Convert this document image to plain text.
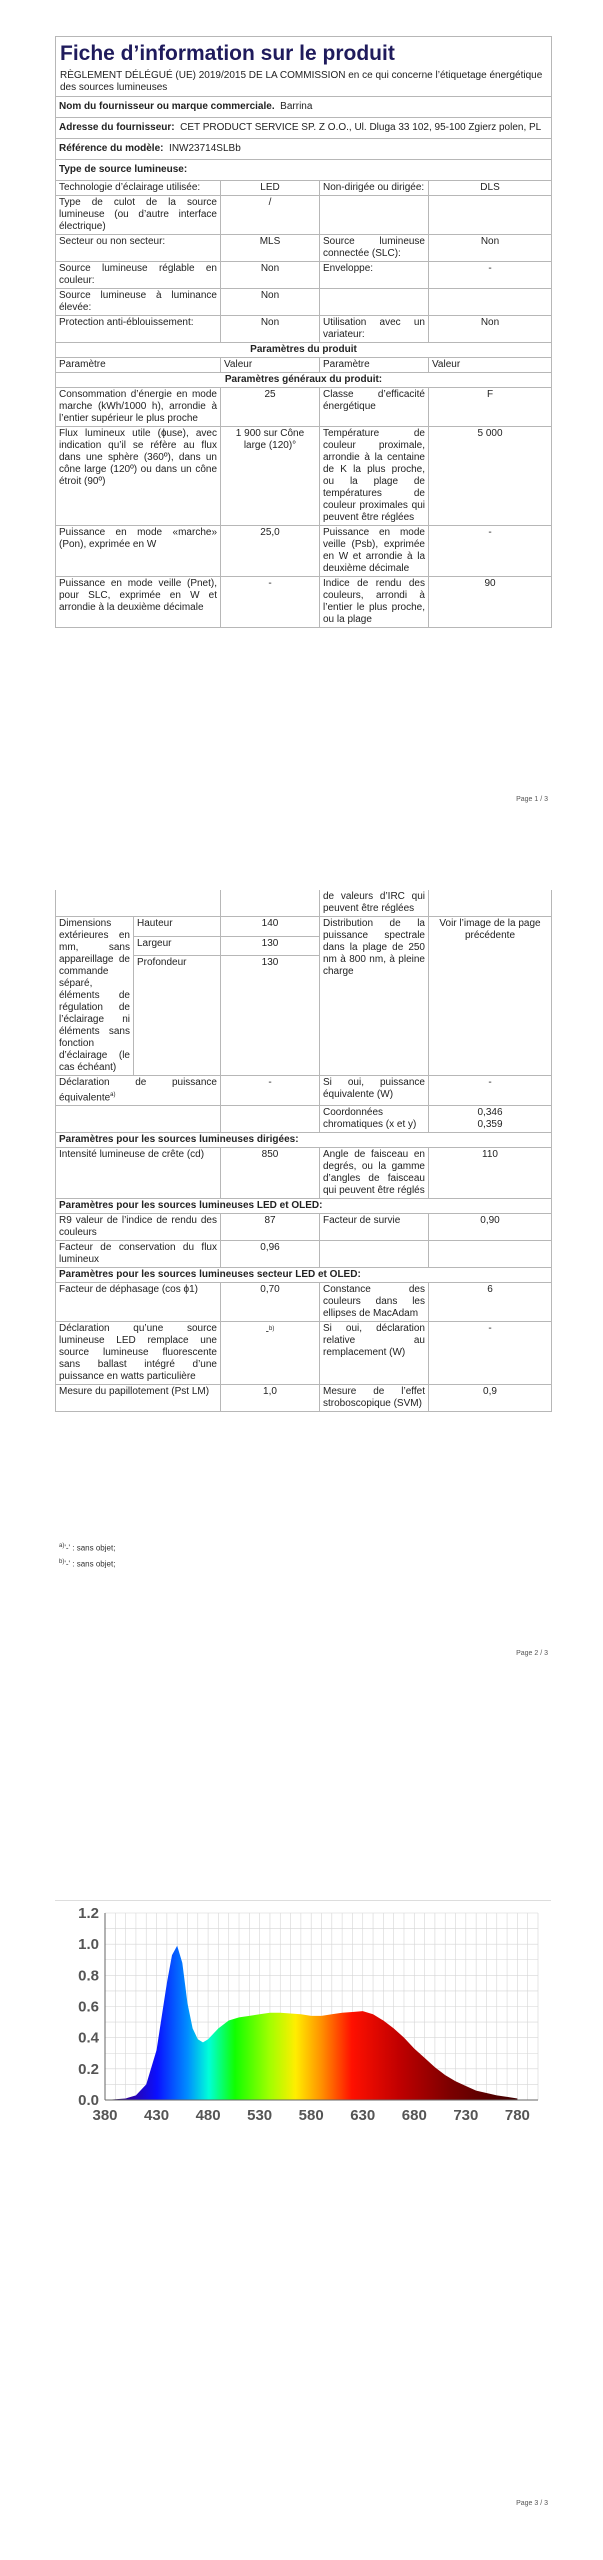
Fiche d’information sur le produit
RÈGLEMENT DÉLÉGUÉ (UE) 2019/2015 DE LA COMMISSION en ce qui concerne l’étiquetage énergétique des sources lumineuses			

Nom du fournisseur ou marque commerciale. Barrina			
Adresse du fournisseur: CET PRODUCT SERVICE SP. Z O.O., Ul. Dluga 33 102, 95-100 Zgierz polen, PL			
Référence du modèle: INW23714SLBb			
Type de source lumineuse:			
Technologie d’éclairage utilisée:	LED	Non-dirigée ou dirigée:	DLS
Type de culot de la source lumineuse (ou d’autre interface électrique)	/		
Secteur ou non secteur:	MLS	Source lumineuse connectée (SLC):	Non
Source lumineuse réglable en couleur:	Non	Enveloppe:	-
Source lumineuse à luminance élevée:	Non		
Protection anti-éblouissement:	Non	Utilisation avec un variateur:	Non
Paramètres du produit			
Paramètre	Valeur	Paramètre	Valeur
Paramètres généraux du produit:			
Consommation d’énergie en mode marche (kWh/1000 h), arrondie à l’entier supérieur le plus proche	25	Classe d’efficacité énergétique	F
Flux lumineux utile (ɸuse), avec indication qu’il se réfère au flux dans une sphère (360º), dans un cône large (120º) ou dans un cône étroit (90º)	1 900 sur Cône large (120)°	Température de couleur proximale, arrondie à la centaine de K la plus proche, ou la plage de températures de couleur proximales qui peuvent être réglées	5 000
Puissance en mode «marche» (Pon), exprimée en W	25,0	Puissance en mode veille (Psb), exprimée en W et arrondie à la deuxième décimale	-
Puissance en mode veille (Pnet), pour SLC, exprimée en W et arrondie à la deuxième décimale	-	Indice de rendu des couleurs, arrondi à l’entier le plus proche, ou la plage	90
Page 1 / 3
			de valeurs d’IRC qui peuvent être réglées	
Dimensions extérieures en mm, sans appareillage de commande séparé, éléments de régulation de l’éclairage ni éléments sans fonction d’éclairage (le cas échéant)	Hauteur	140	Distribution de la puissance spectrale dans la plage de 250 nm à 800 nm, à pleine charge	Voir l’image de la page précédente
	Largeur	130		
	Profondeur	130		
Déclaration de puissance équivalente$^{a)}$		-	Si oui, puissance équivalente (W)	-
			Coordonnées chromatiques (x et y)	0,346
0,359

Paramètres pour les sources lumineuses dirigées:				
Intensité lumineuse de crête (cd)		850	Angle de faisceau en degrés, ou la gamme d’angles de faisceau qui peuvent être réglés	110
Paramètres pour les sources lumineuses LED et OLED:				
R9 valeur de l’indice de rendu des couleurs		87	Facteur de survie	0,90
Facteur de conservation du flux lumineux		0,96		
Paramètres pour les sources lumineuses secteur LED et OLED:				
Facteur de déphasage (cos ϕ1)		0,70	Constance des couleurs dans les ellipses de MacAdam	6
Déclaration qu’une source lumineuse LED remplace une source lumineuse fluorescente sans ballast intégré d’une puissance en watts particulière		-$^{b)}$	Si oui, déclaration relative au remplacement (W)	-
Mesure du papillotement (Pst LM)		1,0	Mesure de l’effet stroboscopique (SVM)	0,9
$^{a)}$'-' : sans objet;
$^{b)}$'-' : sans objet;
Page 2 / 3
380 430 480 530 580 630 680 730 780
0.0
0.2
0.4
0.6
0.8
1.0
1.2
Page 3 / 3
